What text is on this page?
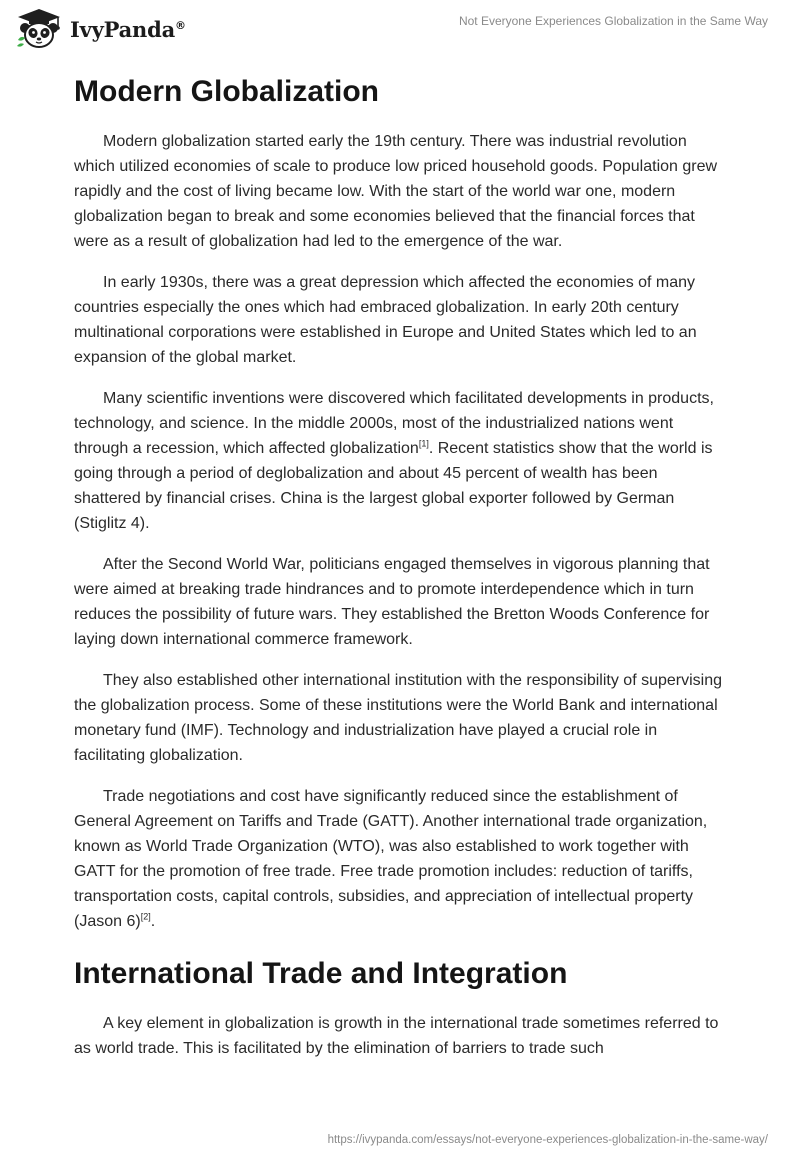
IvyPanda®	Not Everyone Experiences Globalization in the Same Way
Modern Globalization

Modern globalization started early the 19th century. There was industrial revolution which utilized economies of scale to produce low priced household goods. Population grew rapidly and the cost of living became low. With the start of the world war one, modern globalization began to break and some economies believed that the financial forces that were as a result of globalization had led to the emergence of the war.

In early 1930s, there was a great depression which affected the economies of many countries especially the ones which had embraced globalization. In early 20th century multinational corporations were established in Europe and United States which led to an expansion of the global market.

Many scientific inventions were discovered which facilitated developments in products, technology, and science. In the middle 2000s, most of the industrialized nations went through a recession, which affected globalization[1]. Recent statistics show that the world is going through a period of deglobalization and about 45 percent of wealth has been shattered by financial crises. China is the largest global exporter followed by German (Stiglitz 4).

After the Second World War, politicians engaged themselves in vigorous planning that were aimed at breaking trade hindrances and to promote interdependence which in turn reduces the possibility of future wars. They established the Bretton Woods Conference for laying down international commerce framework.

They also established other international institution with the responsibility of supervising the globalization process. Some of these institutions were the World Bank and international monetary fund (IMF). Technology and industrialization have played a crucial role in facilitating globalization.

Trade negotiations and cost have significantly reduced since the establishment of General Agreement on Tariffs and Trade (GATT). Another international trade organization, known as World Trade Organization (WTO), was also established to work together with GATT for the promotion of free trade. Free trade promotion includes: reduction of tariffs, transportation costs, capital controls, subsidies, and appreciation of intellectual property (Jason 6)[2].

International Trade and Integration

A key element in globalization is growth in the international trade sometimes referred to as world trade. This is facilitated by the elimination of barriers to trade such

https://ivypanda.com/essays/not-everyone-experiences-globalization-in-the-same-way/
